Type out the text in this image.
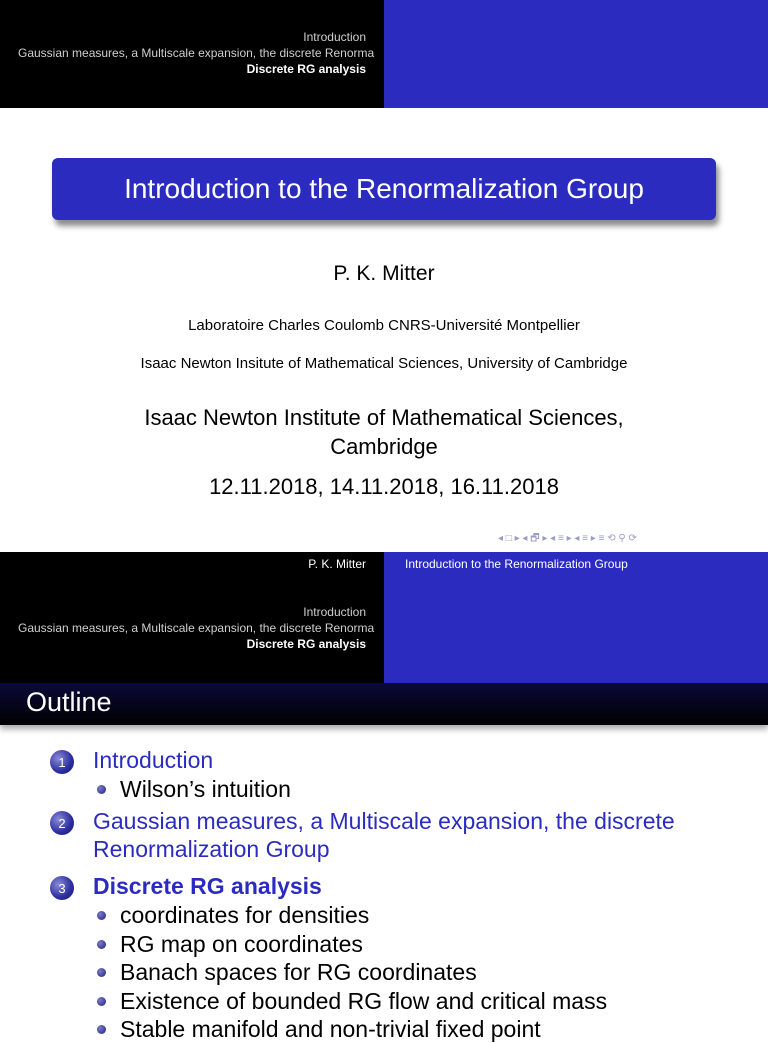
Introduction
Gaussian measures, a Multiscale expansion, the discrete Renorma
Discrete RG analysis
Introduction to the Renormalization Group
P. K. Mitter
Laboratoire Charles Coulomb CNRS-Université Montpellier
Isaac Newton Insitute of Mathematical Sciences, University of Cambridge
Isaac Newton Institute of Mathematical Sciences,
Cambridge
12.11.2018, 14.11.2018, 16.11.2018
◂ □ ▸ ◂ 🗗 ▸ ◂ ≡ ▸ ◂ ≡ ▸ ≡ ⟲ ⚲ ⟳
P. K. Mitter	Introduction to the Renormalization Group
Introduction
Gaussian measures, a Multiscale expansion, the discrete Renorma
Discrete RG analysis
Outline
1	Introduction
Wilson’s intuition
2	Gaussian measures, a Multiscale expansion, the discrete
Renormalization Group
3	Discrete RG analysis
coordinates for densities
RG map on coordinates
Banach spaces for RG coordinates
Existence of bounded RG flow and critical mass
Stable manifold and non-trivial fixed point
